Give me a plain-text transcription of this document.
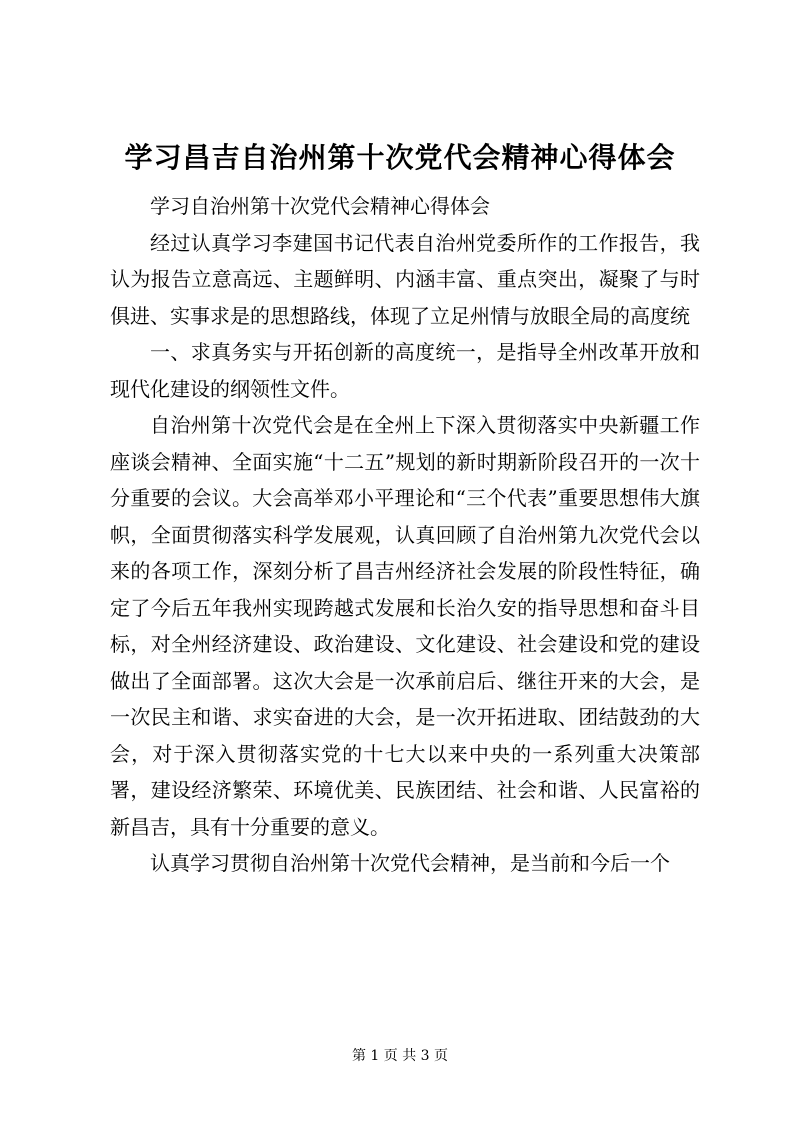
学习昌吉自治州第十次党代会精神心得体会

学习自治州第十次党代会精神心得体会

经过认真学习李建国书记代表自治州党委所作的工作报告，我认为报告立意高远、主题鲜明、内涵丰富、重点突出，凝聚了与时俱进、实事求是的思想路线，体现了立足州情与放眼全局的高度统

一、求真务实与开拓创新的高度统一，是指导全州改革开放和现代化建设的纲领性文件。

自治州第十次党代会是在全州上下深入贯彻落实中央新疆工作座谈会精神、全面实施“十二五”规划的新时期新阶段召开的一次十分重要的会议。大会高举邓小平理论和“三个代表”重要思想伟大旗帜，全面贯彻落实科学发展观，认真回顾了自治州第九次党代会以来的各项工作，深刻分析了昌吉州经济社会发展的阶段性特征，确定了今后五年我州实现跨越式发展和长治久安的指导思想和奋斗目标，对全州经济建设、政治建设、文化建设、社会建设和党的建设做出了全面部署。这次大会是一次承前启后、继往开来的大会，是一次民主和谐、求实奋进的大会，是一次开拓进取、团结鼓劲的大会，对于深入贯彻落实党的十七大以来中央的一系列重大决策部署，建设经济繁荣、环境优美、民族团结、社会和谐、人民富裕的新昌吉，具有十分重要的意义。

认真学习贯彻自治州第十次党代会精神，是当前和今后一个

第 1 页 共 3 页
